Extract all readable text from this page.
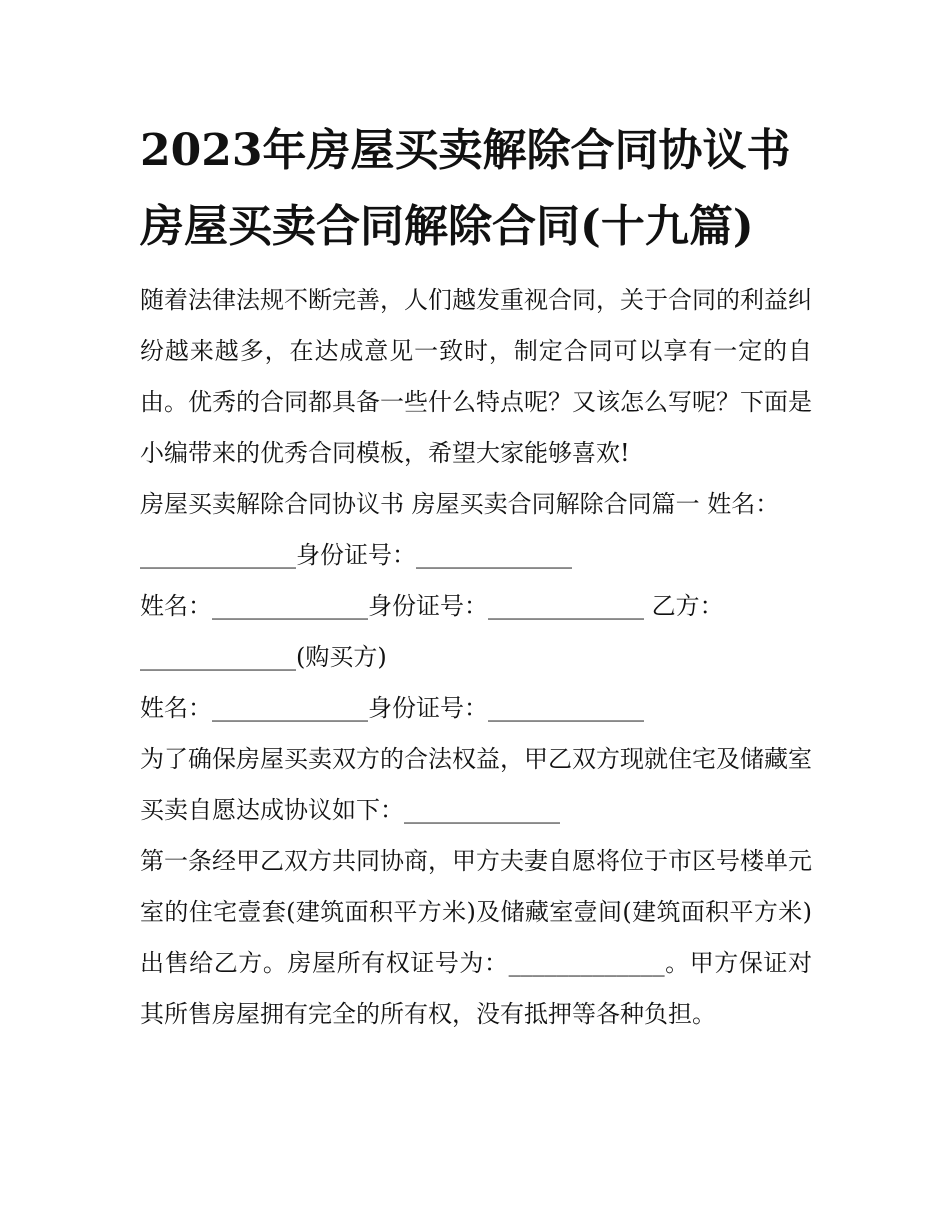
2023年房屋买卖解除合同协议书 房屋买卖合同解除合同(十九篇)

随着法律法规不断完善，人们越发重视合同，关于合同的利益纠纷越来越多，在达成意见一致时，制定合同可以享有一定的自由。优秀的合同都具备一些什么特点呢？又该怎么写呢？下面是小编带来的优秀合同模板，希望大家能够喜欢!

房屋买卖解除合同协议书 房屋买卖合同解除合同篇一 姓名：

_____________身份证号：_____________

姓名：_____________身份证号：_____________ 乙方：

_____________(购买方)

姓名：_____________身份证号：_____________

为了确保房屋买卖双方的合法权益，甲乙双方现就住宅及储藏室买卖自愿达成协议如下：_____________

第一条经甲乙双方共同协商，甲方夫妻自愿将位于市区号楼单元室的住宅壹套(建筑面积平方米)及储藏室壹间(建筑面积平方米)出售给乙方。房屋所有权证号为：_____________。甲方保证对其所售房屋拥有完全的所有权，没有抵押等各种负担。
